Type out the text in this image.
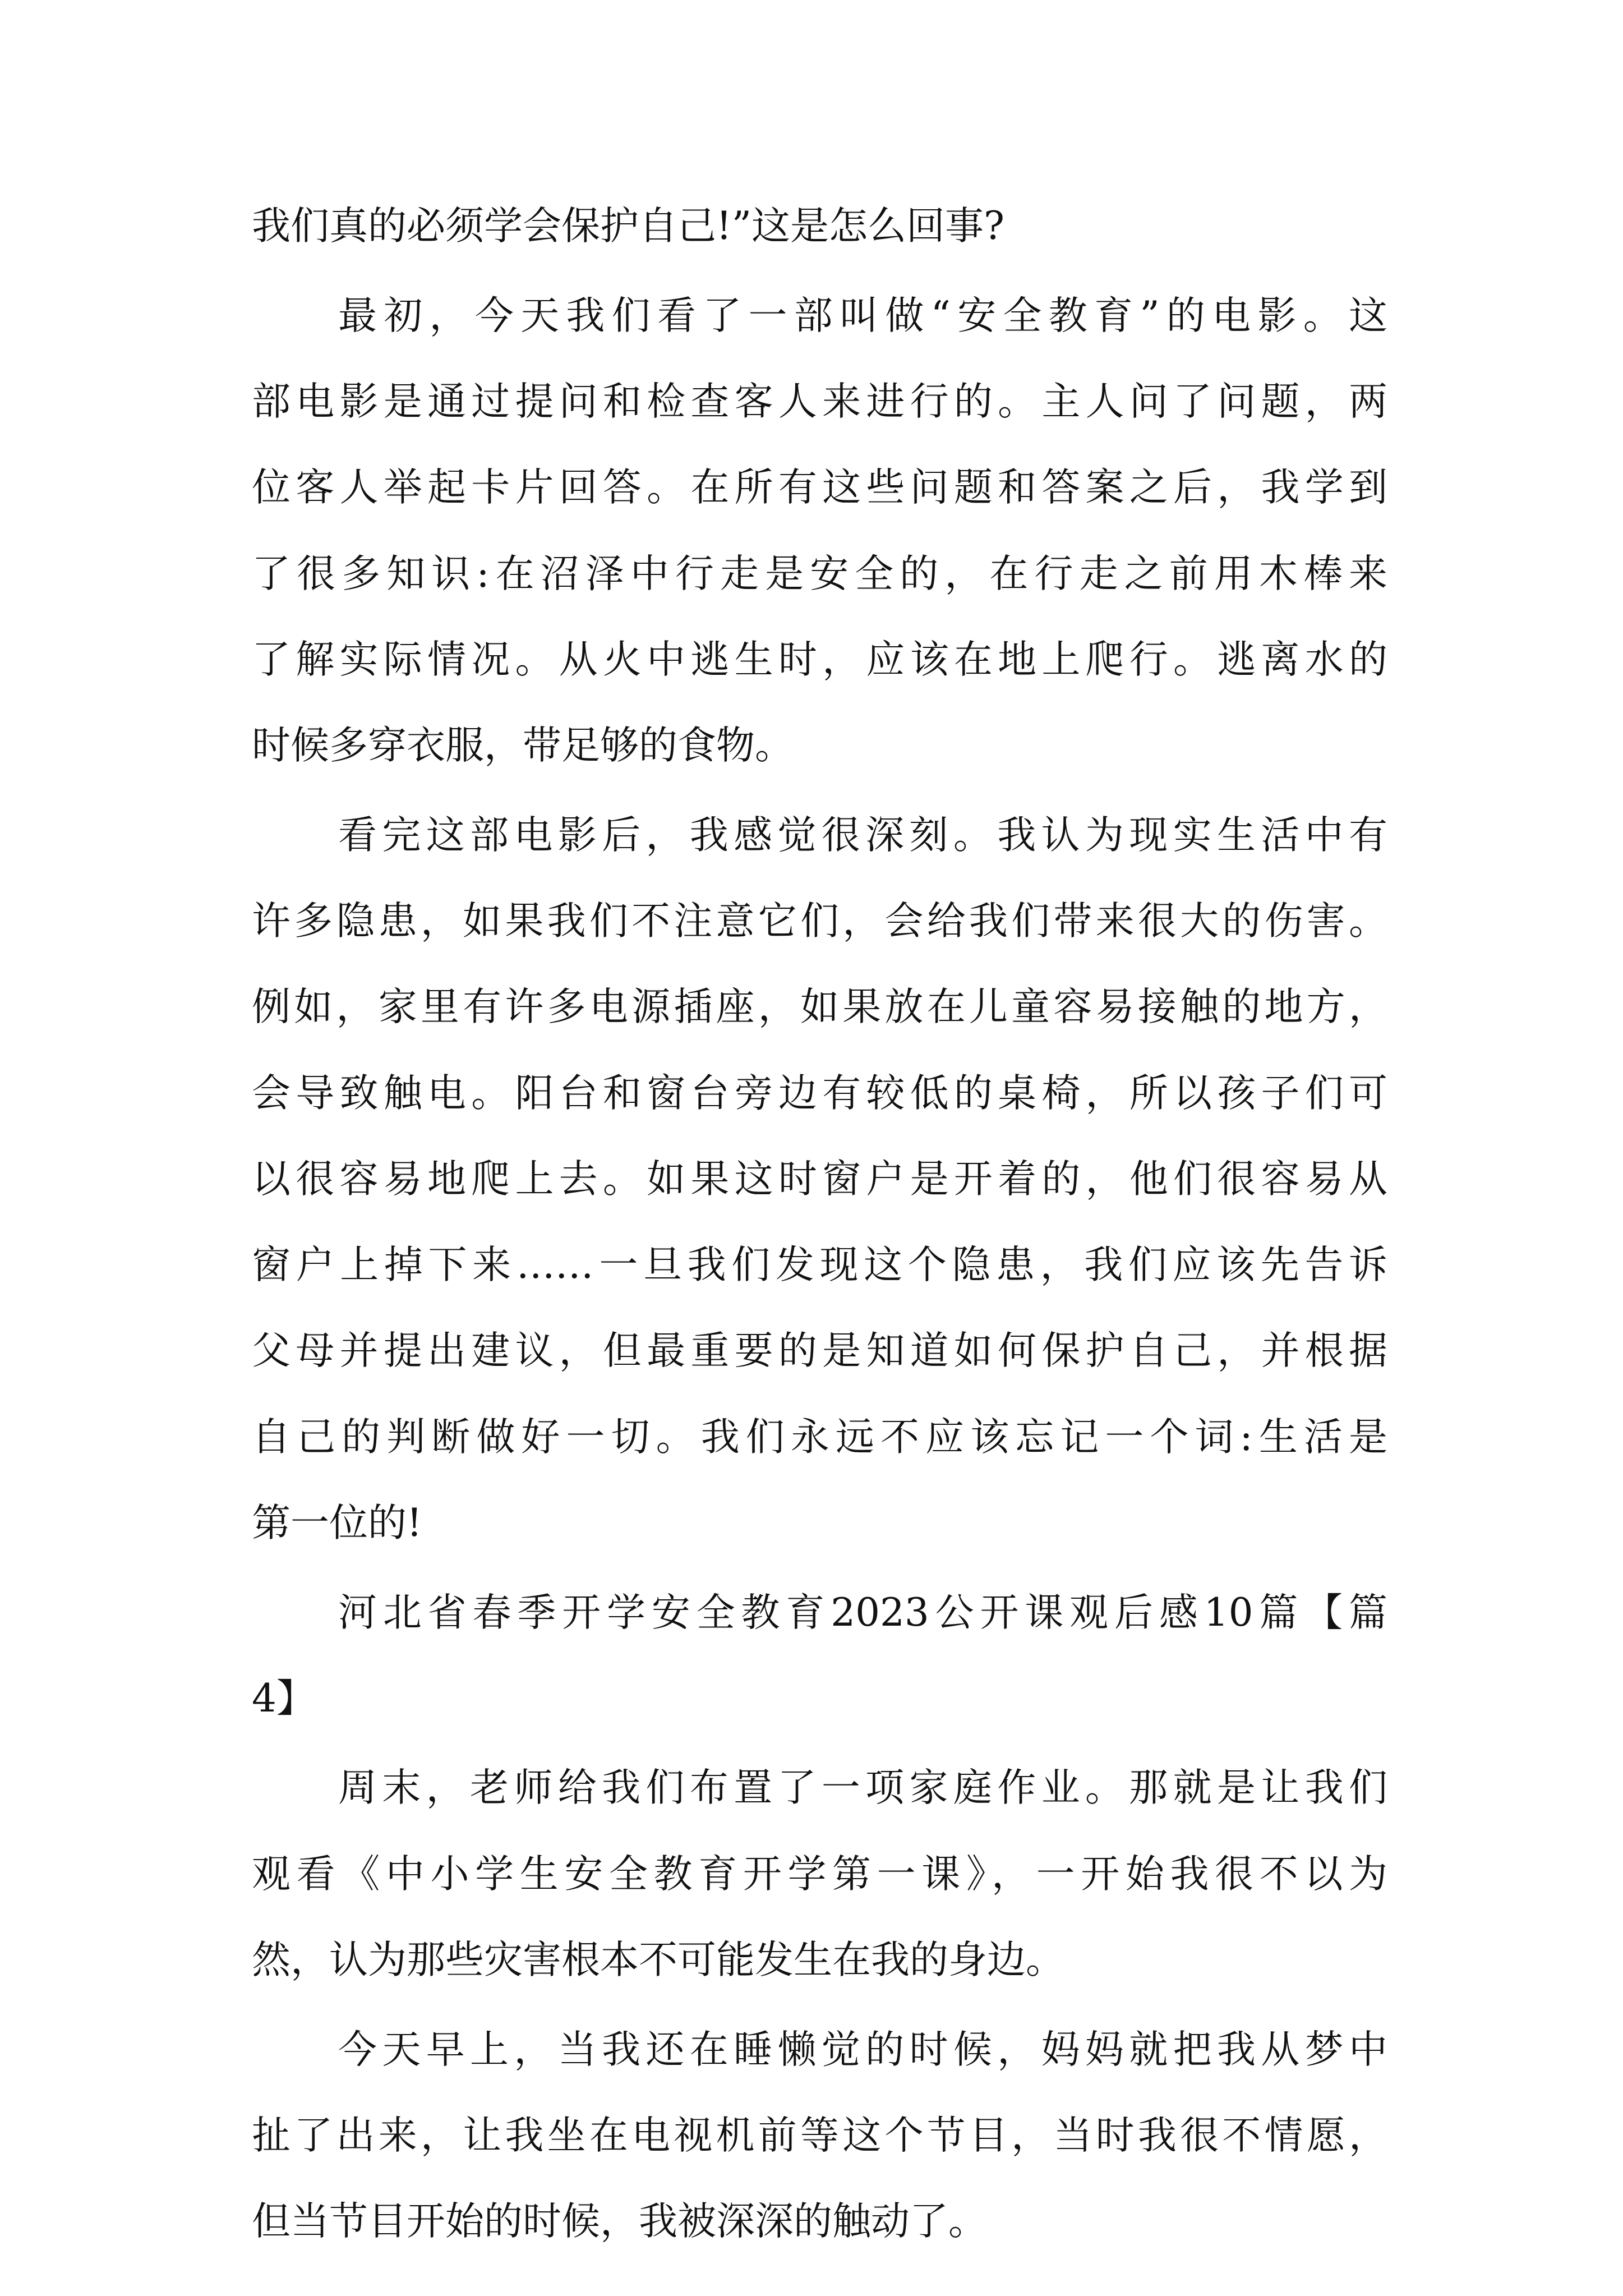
我们真的必须学会保护自己!”这是怎么回事?

最初，今天我们看了一部叫做“安全教育”的电影。这

部电影是通过提问和检查客人来进行的。主人问了问题，两

位客人举起卡片回答。在所有这些问题和答案之后，我学到

了很多知识:在沼泽中行走是安全的，在行走之前用木棒来

了解实际情况。从火中逃生时，应该在地上爬行。逃离水的

时候多穿衣服，带足够的食物。

看完这部电影后，我感觉很深刻。我认为现实生活中有

许多隐患，如果我们不注意它们，会给我们带来很大的伤害。

例如，家里有许多电源插座，如果放在儿童容易接触的地方，

会导致触电。阳台和窗台旁边有较低的桌椅，所以孩子们可

以很容易地爬上去。如果这时窗户是开着的，他们很容易从

窗户上掉下来……一旦我们发现这个隐患，我们应该先告诉

父母并提出建议，但最重要的是知道如何保护自己，并根据

自己的判断做好一切。我们永远不应该忘记一个词:生活是

第一位的!

河北省春季开学安全教育2023公开课观后感10篇【篇

4】

周末，老师给我们布置了一项家庭作业。那就是让我们

观看《中小学生安全教育开学第一课》，一开始我很不以为

然，认为那些灾害根本不可能发生在我的身边。

今天早上，当我还在睡懒觉的时候，妈妈就把我从梦中

扯了出来，让我坐在电视机前等这个节目，当时我很不情愿，

但当节目开始的时候，我被深深的触动了。
